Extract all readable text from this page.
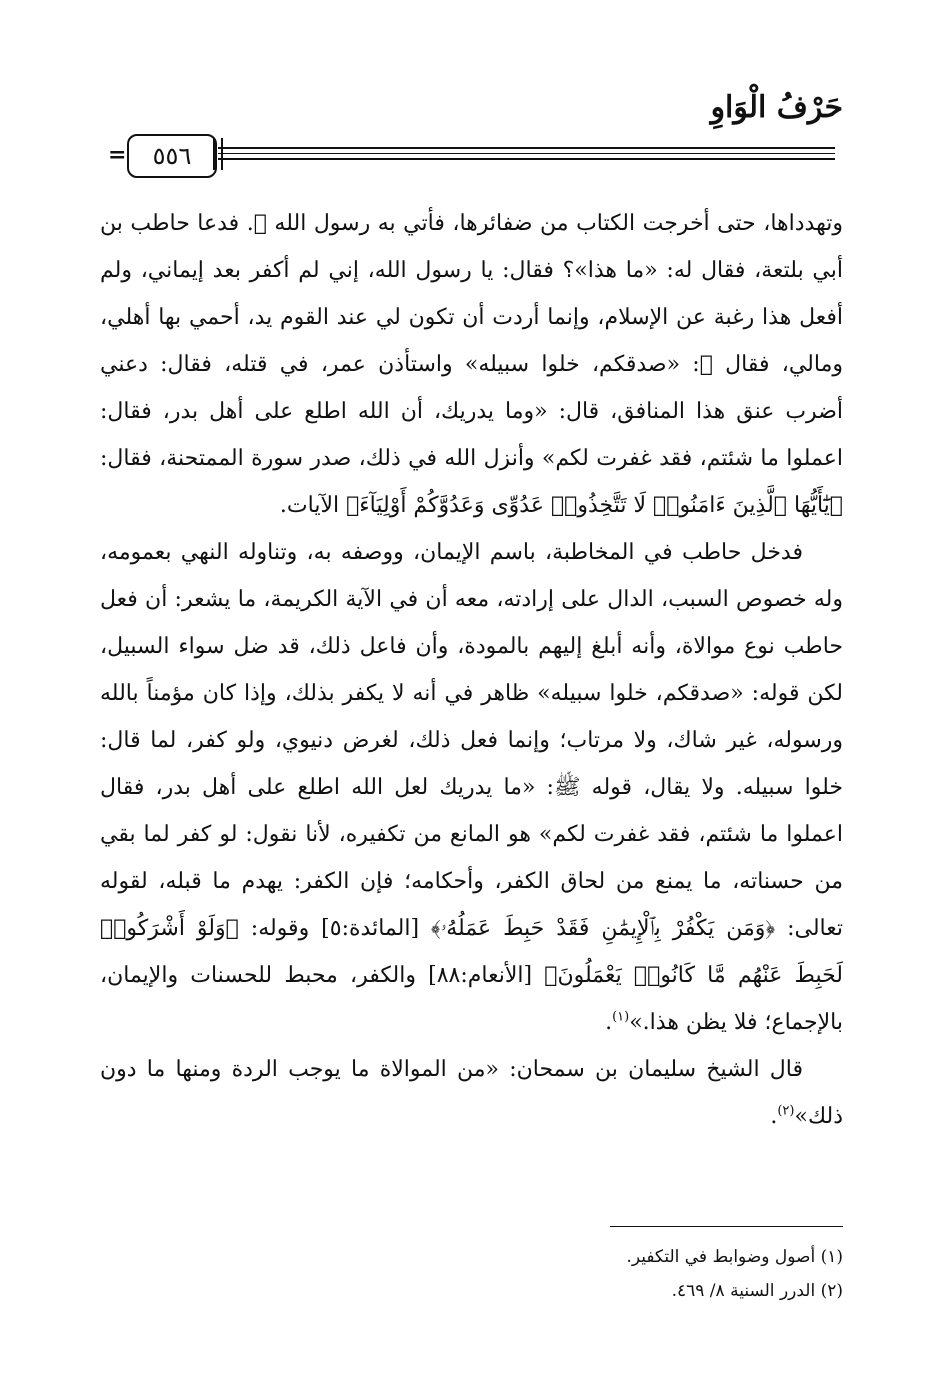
حَرْفُ الْوَاوِ
٥٥٦
=

وتهدداها، حتى أخرجت الكتاب من ضفائرها، فأتي به رسول الله ﷺ. فدعا حاطب بن أبي بلتعة، فقال له: «ما هذا»؟ فقال: يا رسول الله، إني لم أكفر بعد إيماني، ولم أفعل هذا رغبة عن الإسلام، وإنما أردت أن تكون لي عند القوم يد، أحمي بها أهلي، ومالي، فقال ﷺ: «صدقكم، خلوا سبيله» واستأذن عمر، في قتله، فقال: دعني أضرب عنق هذا المنافق، قال: «وما يدريك، أن الله اطلع على أهل بدر، فقال: اعملوا ما شئتم، فقد غفرت لكم» وأنزل الله في ذلك، صدر سورة الممتحنة، فقال: ﴿يَٰٓأَيُّهَا ٱلَّذِينَ ءَامَنُوا۟ لَا تَتَّخِذُوا۟ عَدُوِّى وَعَدُوَّكُمْ أَوْلِيَآءَ﴾ الآيات.

فدخل حاطب في المخاطبة، باسم الإيمان، ووصفه به، وتناوله النهي بعمومه، وله خصوص السبب، الدال على إرادته، معه أن في الآية الكريمة، ما يشعر: أن فعل حاطب نوع موالاة، وأنه أبلغ إليهم بالمودة، وأن فاعل ذلك، قد ضل سواء السبيل، لكن قوله: «صدقكم، خلوا سبيله» ظاهر في أنه لا يكفر بذلك، وإذا كان مؤمناً بالله ورسوله، غير شاك، ولا مرتاب؛ وإنما فعل ذلك، لغرض دنيوي، ولو كفر، لما قال: خلوا سبيله. ولا يقال، قوله ﷺ: «ما يدريك لعل الله اطلع على أهل بدر، فقال اعملوا ما شئتم، فقد غفرت لكم» هو المانع من تكفيره، لأنا نقول: لو كفر لما بقي من حسناته، ما يمنع من لحاق الكفر، وأحكامه؛ فإن الكفر: يهدم ما قبله، لقوله تعالى: ﴿وَمَن يَكْفُرْ بِٱلْإِيمَٰنِ فَقَدْ حَبِطَ عَمَلُهُۥ﴾ [المائدة:٥] وقوله: ﴿وَلَوْ أَشْرَكُوا۟ لَحَبِطَ عَنْهُم مَّا كَانُوا۟ يَعْمَلُونَ﴾ [الأنعام:٨٨] والكفر، محبط للحسنات والإيمان، بالإجماع؛ فلا يظن هذا.»$^{(١)}$.

قال الشيخ سليمان بن سمحان: «من الموالاة ما يوجب الردة ومنها ما دون ذلك»$^{(٢)}$.

(١) أصول وضوابط في التكفير.
(٢) الدرر السنية ٨/ ٤٦٩.
